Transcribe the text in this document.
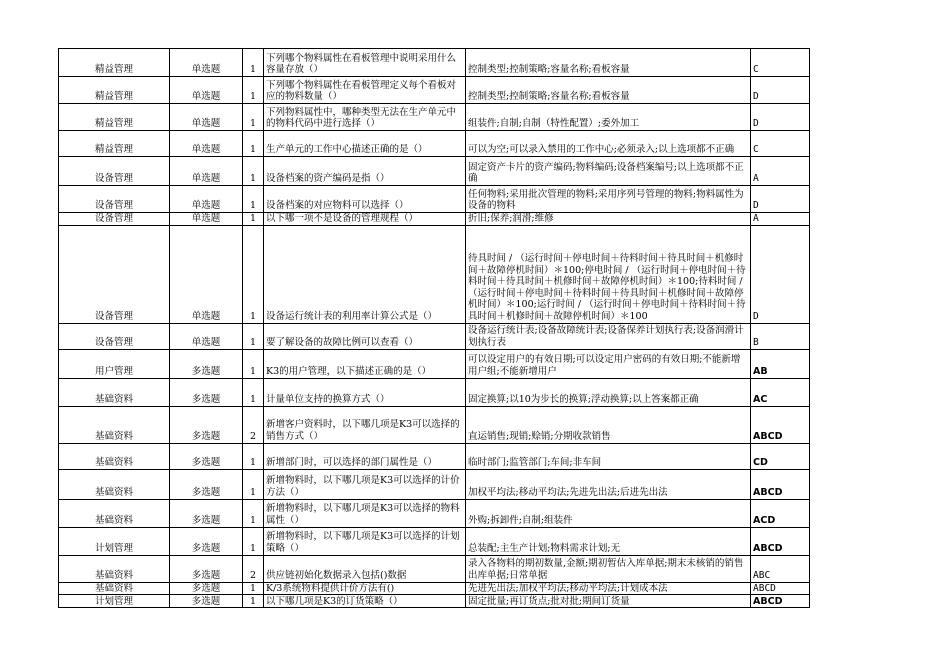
精益管理	单选题	1	下列哪个物料属性在看板管理中说明采用什么容量存放（）	控制类型;控制策略;容量名称;看板容量	C
精益管理	单选题	1	下列哪个物料属性在看板管理定义每个看板对应的物料数量（）	控制类型;控制策略;容量名称;看板容量	D
精益管理	单选题	1	下列物料属性中，哪种类型无法在生产单元中的物料代码中进行选择（）	组装件;自制;自制（特性配置）;委外加工	D
精益管理	单选题	1	生产单元的工作中心描述正确的是（）	可以为空;可以录入禁用的工作中心;必须录入;以上选项都不正确	C
设备管理	单选题	1	设备档案的资产编码是指（）	固定资产卡片的资产编码;物料编码;设备档案编号;以上选项都不正确	A
设备管理	单选题	1	设备档案的对应物料可以选择（）	任何物料;采用批次管理的物料;采用序列号管理的物料;物料属性为设备的物料	D
设备管理	单选题	1	以下哪一项不是设备的管理规程（）	折旧;保养;润滑;维修	A
设备管理	单选题	1	设备运行统计表的利用率计算公式是（）	待具时间 / （运行时间＋停电时间＋待料时间＋待具时间＋机修时间＋故障停机时间）＊100;停电时间 / （运行时间＋停电时间＋待料时间＋待具时间＋机修时间＋故障停机时间）＊100;待料时间 / （运行时间＋停电时间＋待料时间＋待具时间＋机修时间＋故障停机时间）＊100;运行时间 / （运行时间＋停电时间＋待料时间＋待具时间＋机修时间＋故障停机时间）＊100	D
设备管理	单选题	1	要了解设备的故障比例可以查看（）	设备运行统计表;设备故障统计表;设备保养计划执行表;设备润滑计划执行表	B
用户管理	多选题	1	K3的用户管理，以下描述正确的是（）	可以设定用户的有效日期;可以设定用户密码的有效日期;不能新增用户组;不能新增用户	AB
基础资料	多选题	1	计量单位支持的换算方式（）	固定换算;以10为步长的换算;浮动换算;以上答案都正确	AC
基础资料	多选题	2	新增客户资料时，以下哪几项是K3可以选择的销售方式（）	直运销售;现销;赊销;分期收款销售	ABCD
基础资料	多选题	1	新增部门时，可以选择的部门属性是（）	临时部门;监管部门;车间;非车间	CD
基础资料	多选题	1	新增物料时，以下哪几项是K3可以选择的计价方法（）	加权平均法;移动平均法;先进先出法;后进先出法	ABCD
基础资料	多选题	1	新增物料时，以下哪几项是K3可以选择的物料属性（）	外购;拆卸件;自制;组装件	ACD
计划管理	多选题	1	新增物料时，以下哪几项是K3可以选择的计划策略（）	总装配;主生产计划;物料需求计划;无	ABCD
基础资料	多选题	2	供应链初始化数据录入包括()数据	录入各物料的期初数量,金额;期初暂估入库单据;期末未核销的销售出库单据;日常单据	ABC
基础资料	多选题	1	K/3系统物料提供计价方法有()	先进先出法;加权平均法;移动平均法;计划成本法	ABCD
计划管理	多选题	1	以下哪几项是K3的订货策略（）	固定批量;再订货点;批对批;期间订货量	ABCD
